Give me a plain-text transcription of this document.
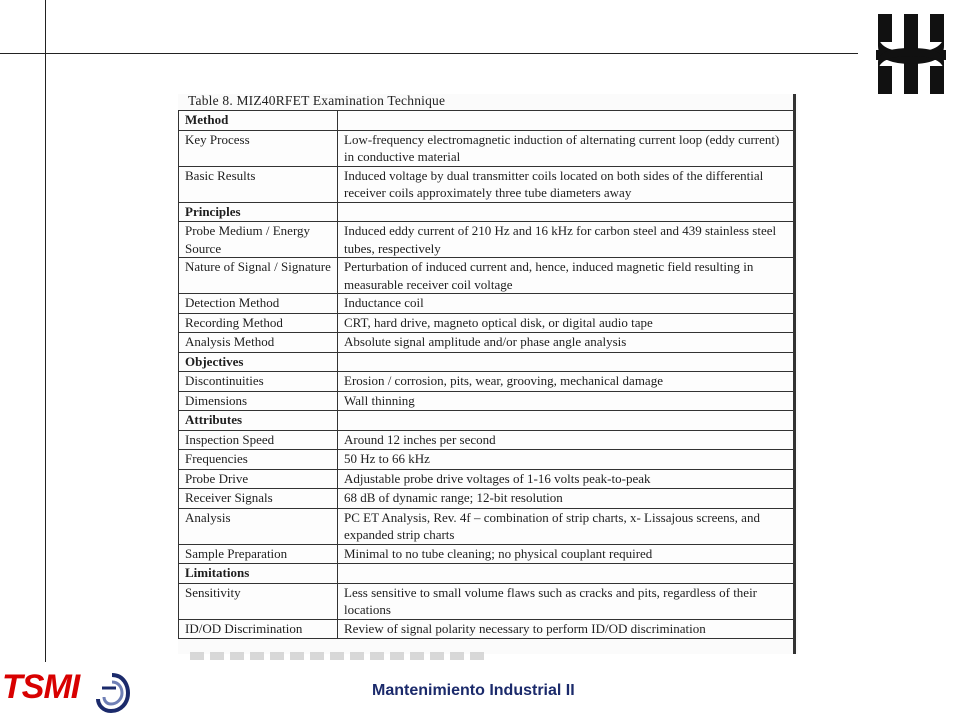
Table 8. MIZ40RFET Examination Technique
Method	
Key Process	Low-frequency electromagnetic induction of alternating current loop (eddy current) in conductive material
Basic Results	Induced voltage by dual transmitter coils located on both sides of the differential receiver coils approximately three tube diameters away
Principles	
Probe Medium / Energy Source	Induced eddy current of 210 Hz and 16 kHz for carbon steel and 439 stainless steel tubes, respectively
Nature of Signal / Signature	Perturbation of induced current and, hence, induced magnetic field resulting in measurable receiver coil voltage
Detection Method	Inductance coil
Recording Method	CRT, hard drive, magneto optical disk, or digital audio tape
Analysis Method	Absolute signal amplitude and/or phase angle analysis
Objectives	
Discontinuities	Erosion / corrosion, pits, wear, grooving, mechanical damage
Dimensions	Wall thinning
Attributes	
Inspection Speed	Around 12 inches per second
Frequencies	50 Hz to 66 kHz
Probe Drive	Adjustable probe drive voltages of 1-16 volts peak-to-peak
Receiver Signals	68 dB of dynamic range; 12-bit resolution
Analysis	PC ET Analysis, Rev. 4f – combination of strip charts, x- Lissajous screens, and expanded strip charts
Sample Preparation	Minimal to no tube cleaning; no physical couplant required
Limitations	
Sensitivity	Less sensitive to small volume flaws such as cracks and pits, regardless of their locations
ID/OD Discrimination	Review of signal polarity necessary to perform ID/OD discrimination
TSMI	Mantenimiento Industrial II
